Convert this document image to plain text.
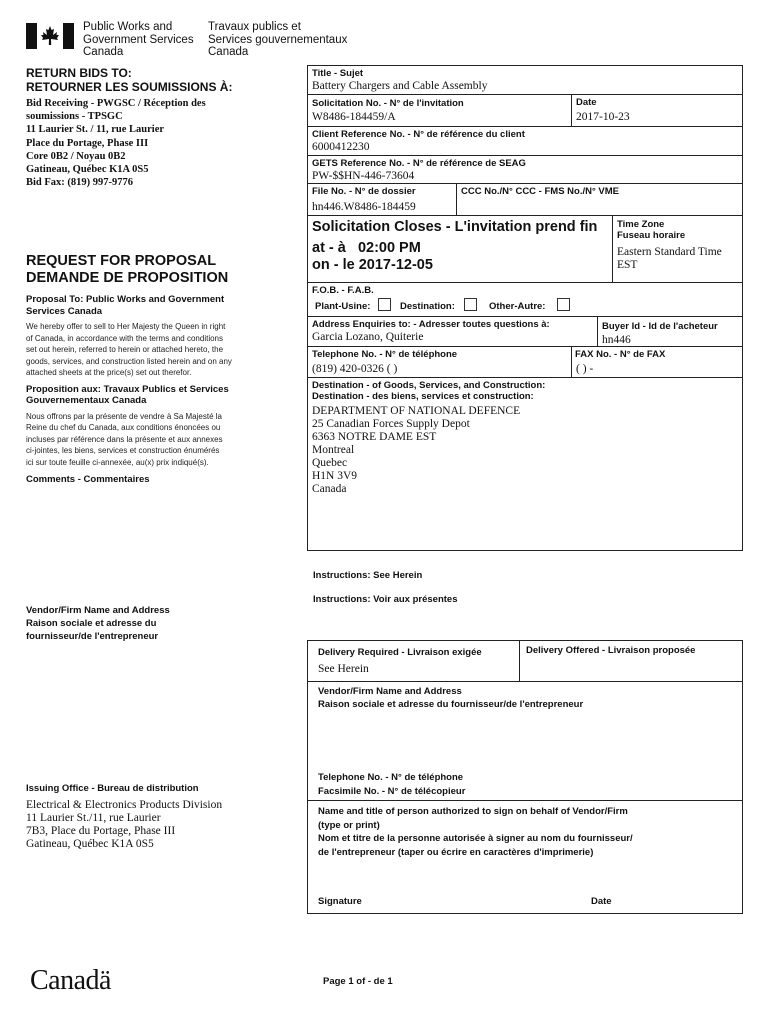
Public Works and
Government Services
Canada
Travaux publics et
Services gouvernementaux
Canada
RETURN BIDS TO:
RETOURNER LES SOUMISSIONS À:
Bid Receiving - PWGSC / Réception des
soumissions - TPSGC
11 Laurier St. / 11, rue Laurier
Place du Portage, Phase III
Core 0B2 / Noyau 0B2
Gatineau, Québec K1A 0S5
Bid Fax: (819) 997-9776
REQUEST FOR PROPOSAL
DEMANDE DE PROPOSITION
Proposal To: Public Works and Government
Services Canada
We hereby offer to sell to Her Majesty the Queen in right
of Canada, in accordance with the terms and conditions
set out herein, referred to herein or attached hereto, the
goods, services, and construction listed herein and on any
attached sheets at the price(s) set out therefor.
Proposition aux: Travaux Publics et Services
Gouvernementaux Canada
Nous offrons par la présente de vendre à Sa Majesté la
Reine du chef du Canada, aux conditions énoncées ou
incluses par référence dans la présente et aux annexes
ci-jointes, les biens, services et construction énumérés
ici sur toute feuille ci-annexée, au(x) prix indiqué(s).
Comments - Commentaires
Vendor/Firm Name and Address
Raison sociale et adresse du
fournisseur/de l'entrepreneur
Issuing Office - Bureau de distribution
Electrical & Electronics Products Division
11 Laurier St./11, rue Laurier
7B3, Place du Portage, Phase III
Gatineau, Québec K1A 0S5
Title - Sujet
Battery Chargers and Cable Assembly
Solicitation No. - N° de l'invitation
W8486-184459/A
Date
2017-10-23
Client Reference No. - N° de référence du client
6000412230
GETS Reference No. - N° de référence de SEAG
PW-$$HN-446-73604
File No. - N° de dossier
hn446.W8486-184459
CCC No./N° CCC - FMS No./N° VME
Solicitation Closes - L'invitation prend fin
at - à 02:00 PM
on - le 2017-12-05
Time Zone
Fuseau horaire
Eastern Standard Time
EST
F.O.B. - F.A.B.
Plant-Usine:	Destination:	Other-Autre:
Address Enquiries to: - Adresser toutes questions à:
Garcia Lozano, Quiterie
Buyer Id - Id de l'acheteur
hn446
Telephone No. - N° de téléphone
(819) 420-0326 ( )
FAX No. - N° de FAX
( ) -
Destination - of Goods, Services, and Construction:
Destination - des biens, services et construction:
DEPARTMENT OF NATIONAL DEFENCE
25 Canadian Forces Supply Depot
6363 NOTRE DAME EST
Montreal
Quebec
H1N 3V9
Canada
Instructions: See Herein
Instructions: Voir aux présentes
Delivery Required - Livraison exigée
See Herein
Delivery Offered - Livraison proposée
Vendor/Firm Name and Address
Raison sociale et adresse du fournisseur/de l'entrepreneur
Telephone No. - N° de téléphone
Facsimile No. - N° de télécopieur
Name and title of person authorized to sign on behalf of Vendor/Firm
(type or print)
Nom et titre de la personne autorisée à signer au nom du fournisseur/
de l'entrepreneur (taper ou écrire en caractères d'imprimerie)
Signature	Date
Canadä	Page 1 of - de 1
